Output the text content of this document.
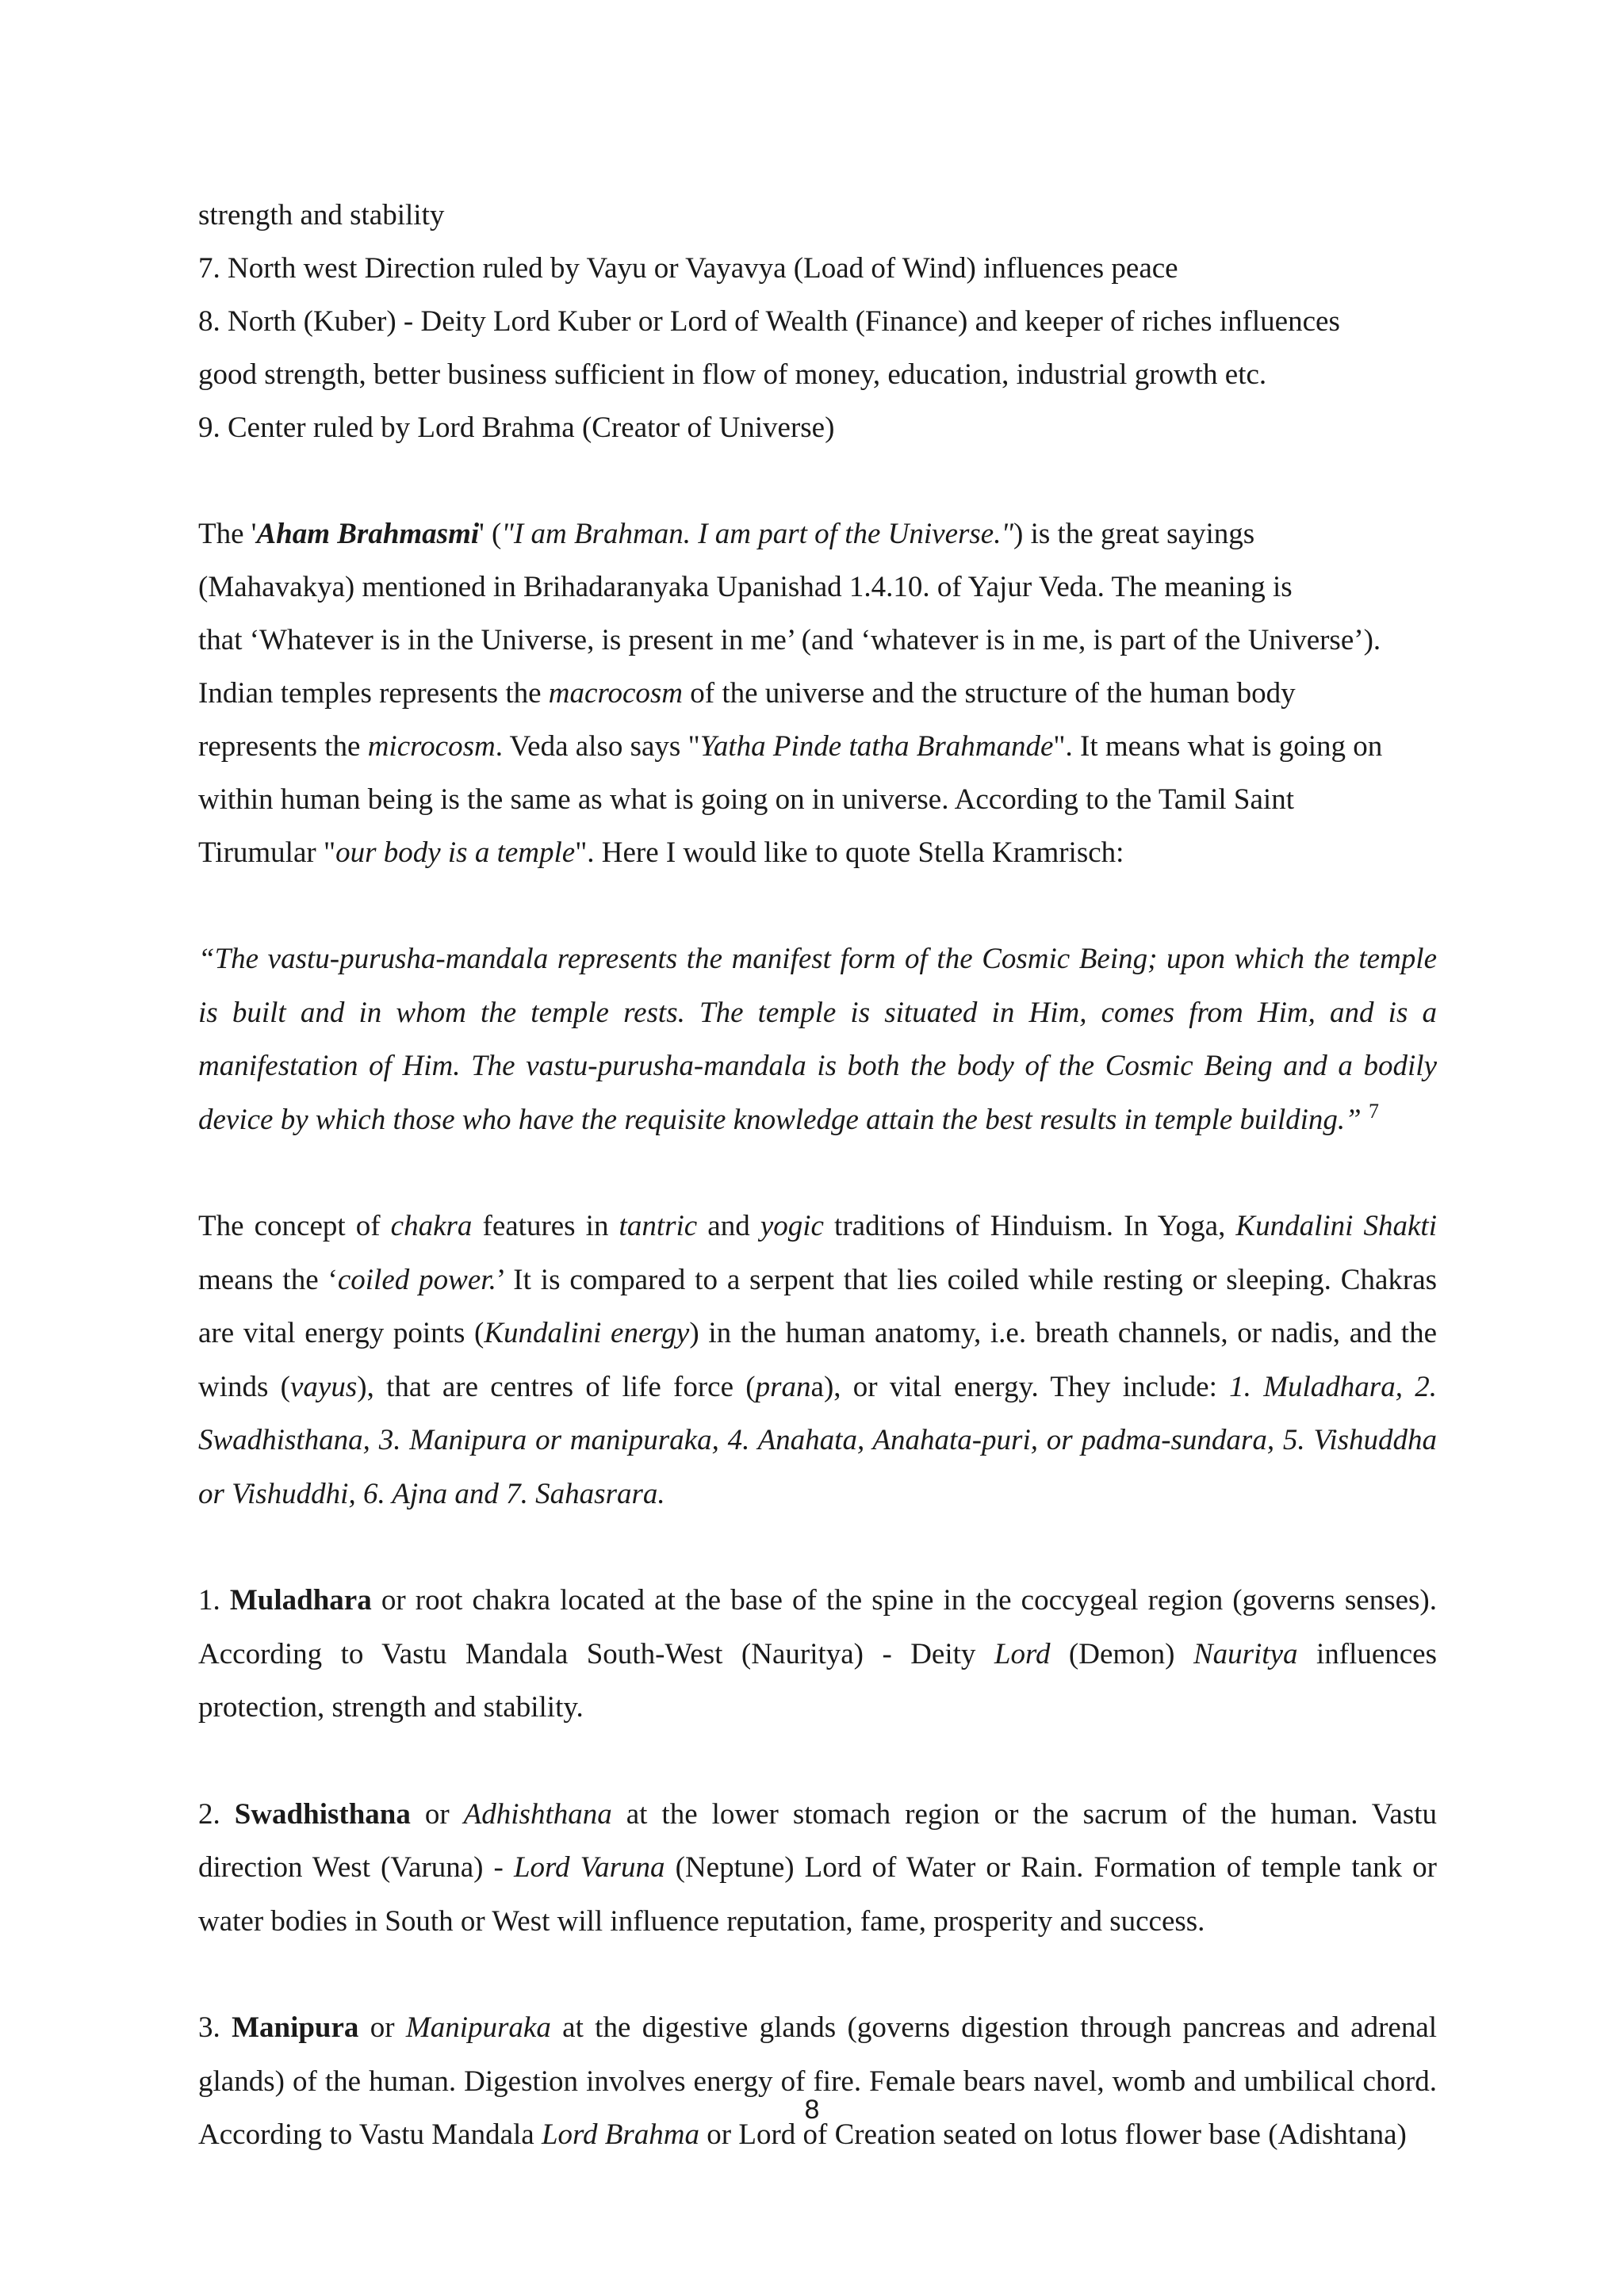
strength and stability
7. North west Direction ruled by Vayu or Vayavya (Load of Wind) influences peace
8. North (Kuber) - Deity Lord Kuber or Lord of Wealth (Finance) and keeper of riches influences
good strength, better business sufficient in flow of money, education, industrial growth etc.
9. Center ruled by Lord Brahma (Creator of Universe)
The 'Aham Brahmasmi' ("I am Brahman. I am part of the Universe.") is the great sayings
(Mahavakya) mentioned in Brihadaranyaka Upanishad 1.4.10. of Yajur Veda. The meaning is
that ‘Whatever is in the Universe, is present in me’ (and ‘whatever is in me, is part of the Universe’).
Indian temples represents the macrocosm of the universe and the structure of the human body
represents the microcosm. Veda also says "Yatha Pinde tatha Brahmande". It means what is going on
within human being is the same as what is going on in universe. According to the Tamil Saint
Tirumular "our body is a temple". Here I would like to quote Stella Kramrisch:

“The vastu-purusha-mandala represents the manifest form of the Cosmic Being; upon which the temple is built and in whom the temple rests. The temple is situated in Him, comes from Him, and is a manifestation of Him. The vastu-purusha-mandala is both the body of the Cosmic Being and a bodily device by which those who have the requisite knowledge attain the best results in temple building.” $^7$

The concept of chakra features in tantric and yogic traditions of Hinduism. In Yoga, Kundalini Shakti means the ‘coiled power.’ It is compared to a serpent that lies coiled while resting or sleeping. Chakras are vital energy points (Kundalini energy) in the human anatomy, i.e. breath channels, or nadis, and the winds (vayus), that are centres of life force (prana), or vital energy. They include: 1. Muladhara, 2. Swadhisthana, 3. Manipura or manipuraka, 4. Anahata, Anahata-puri, or padma-sundara, 5. Vishuddha or Vishuddhi, 6. Ajna and 7. Sahasrara.

1. Muladhara or root chakra located at the base of the spine in the coccygeal region (governs senses). According to Vastu Mandala South-West (Nauritya) - Deity Lord (Demon) Nauritya influences protection, strength and stability.

2. Swadhisthana or Adhishthana at the lower stomach region or the sacrum of the human. Vastu direction West (Varuna) - Lord Varuna (Neptune) Lord of Water or Rain. Formation of temple tank or water bodies in South or West will influence reputation, fame, prosperity and success.

3. Manipura or Manipuraka at the digestive glands (governs digestion through pancreas and adrenal glands) of the human. Digestion involves energy of fire. Female bears navel, womb and umbilical chord. According to Vastu Mandala Lord Brahma or Lord of Creation seated on lotus flower base (Adishtana)

8
